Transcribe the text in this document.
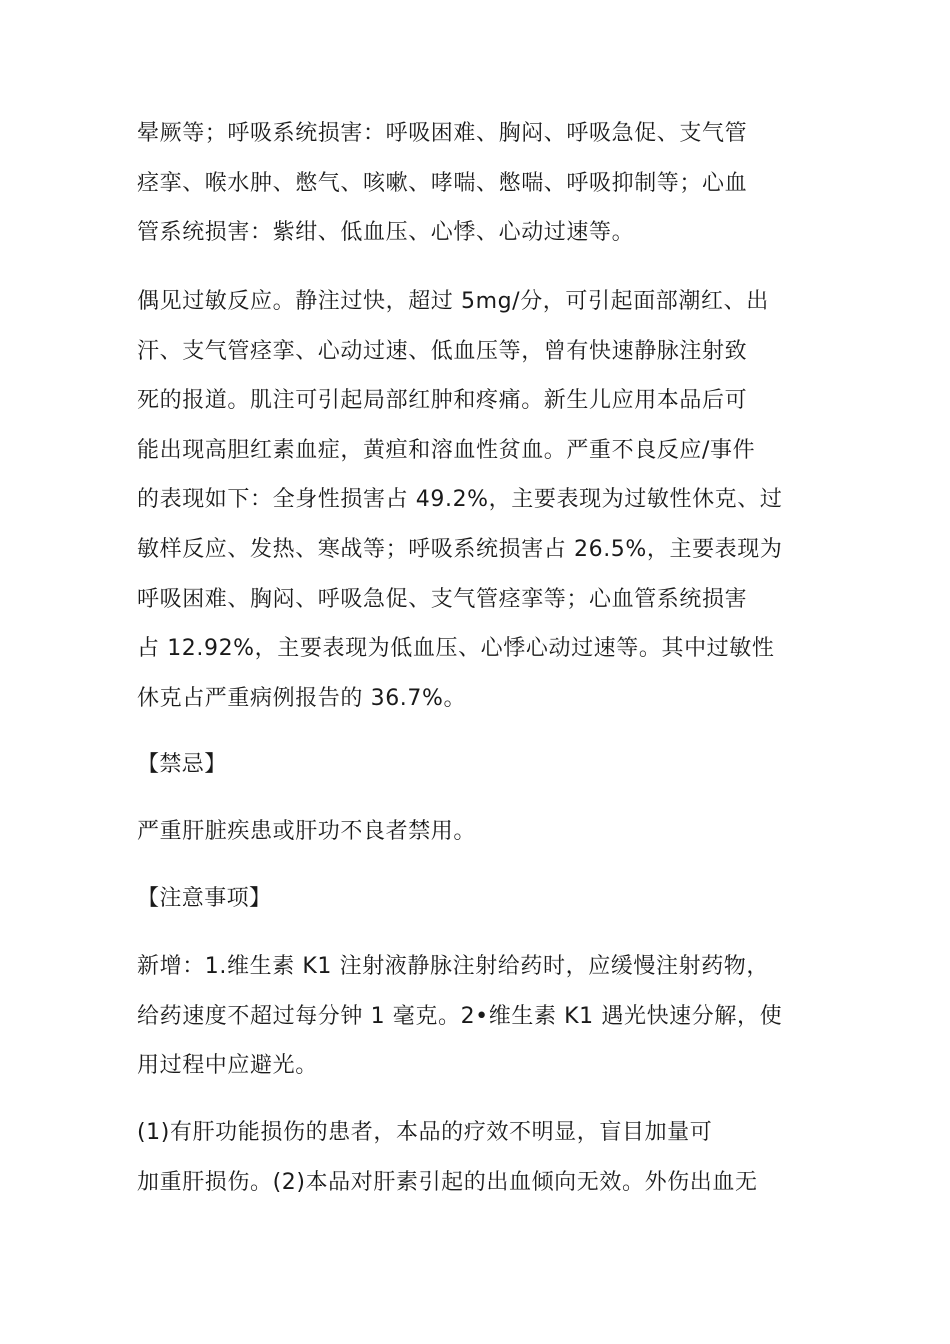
晕厥等；呼吸系统损害：呼吸困难、胸闷、呼吸急促、支气管
痉挛、喉水肿、憋气、咳嗽、哮喘、憋喘、呼吸抑制等；心血
管系统损害：紫绀、低血压、心悸、心动过速等。
偶见过敏反应。静注过快，超过 5mg/分，可引起面部潮红、出
汗、支气管痉挛、心动过速、低血压等，曾有快速静脉注射致
死的报道。肌注可引起局部红肿和疼痛。新生儿应用本品后可
能出现高胆红素血症，黄疸和溶血性贫血。严重不良反应/事件
的表现如下：全身性损害占 49.2%，主要表现为过敏性休克、过
敏样反应、发热、寒战等；呼吸系统损害占 26.5%，主要表现为
呼吸困难、胸闷、呼吸急促、支气管痉挛等；心血管系统损害
占 12.92%，主要表现为低血压、心悸心动过速等。其中过敏性
休克占严重病例报告的 36.7%。
【禁忌】
严重肝脏疾患或肝功不良者禁用。
【注意事项】
新增：1.维生素 K1 注射液静脉注射给药时，应缓慢注射药物，
给药速度不超过每分钟 1 毫克。2•维生素 K1 遇光快速分解，使
用过程中应避光。
(1)有肝功能损伤的患者，本品的疗效不明显，盲目加量可
加重肝损伤。(2)本品对肝素引起的出血倾向无效。外伤出血无
